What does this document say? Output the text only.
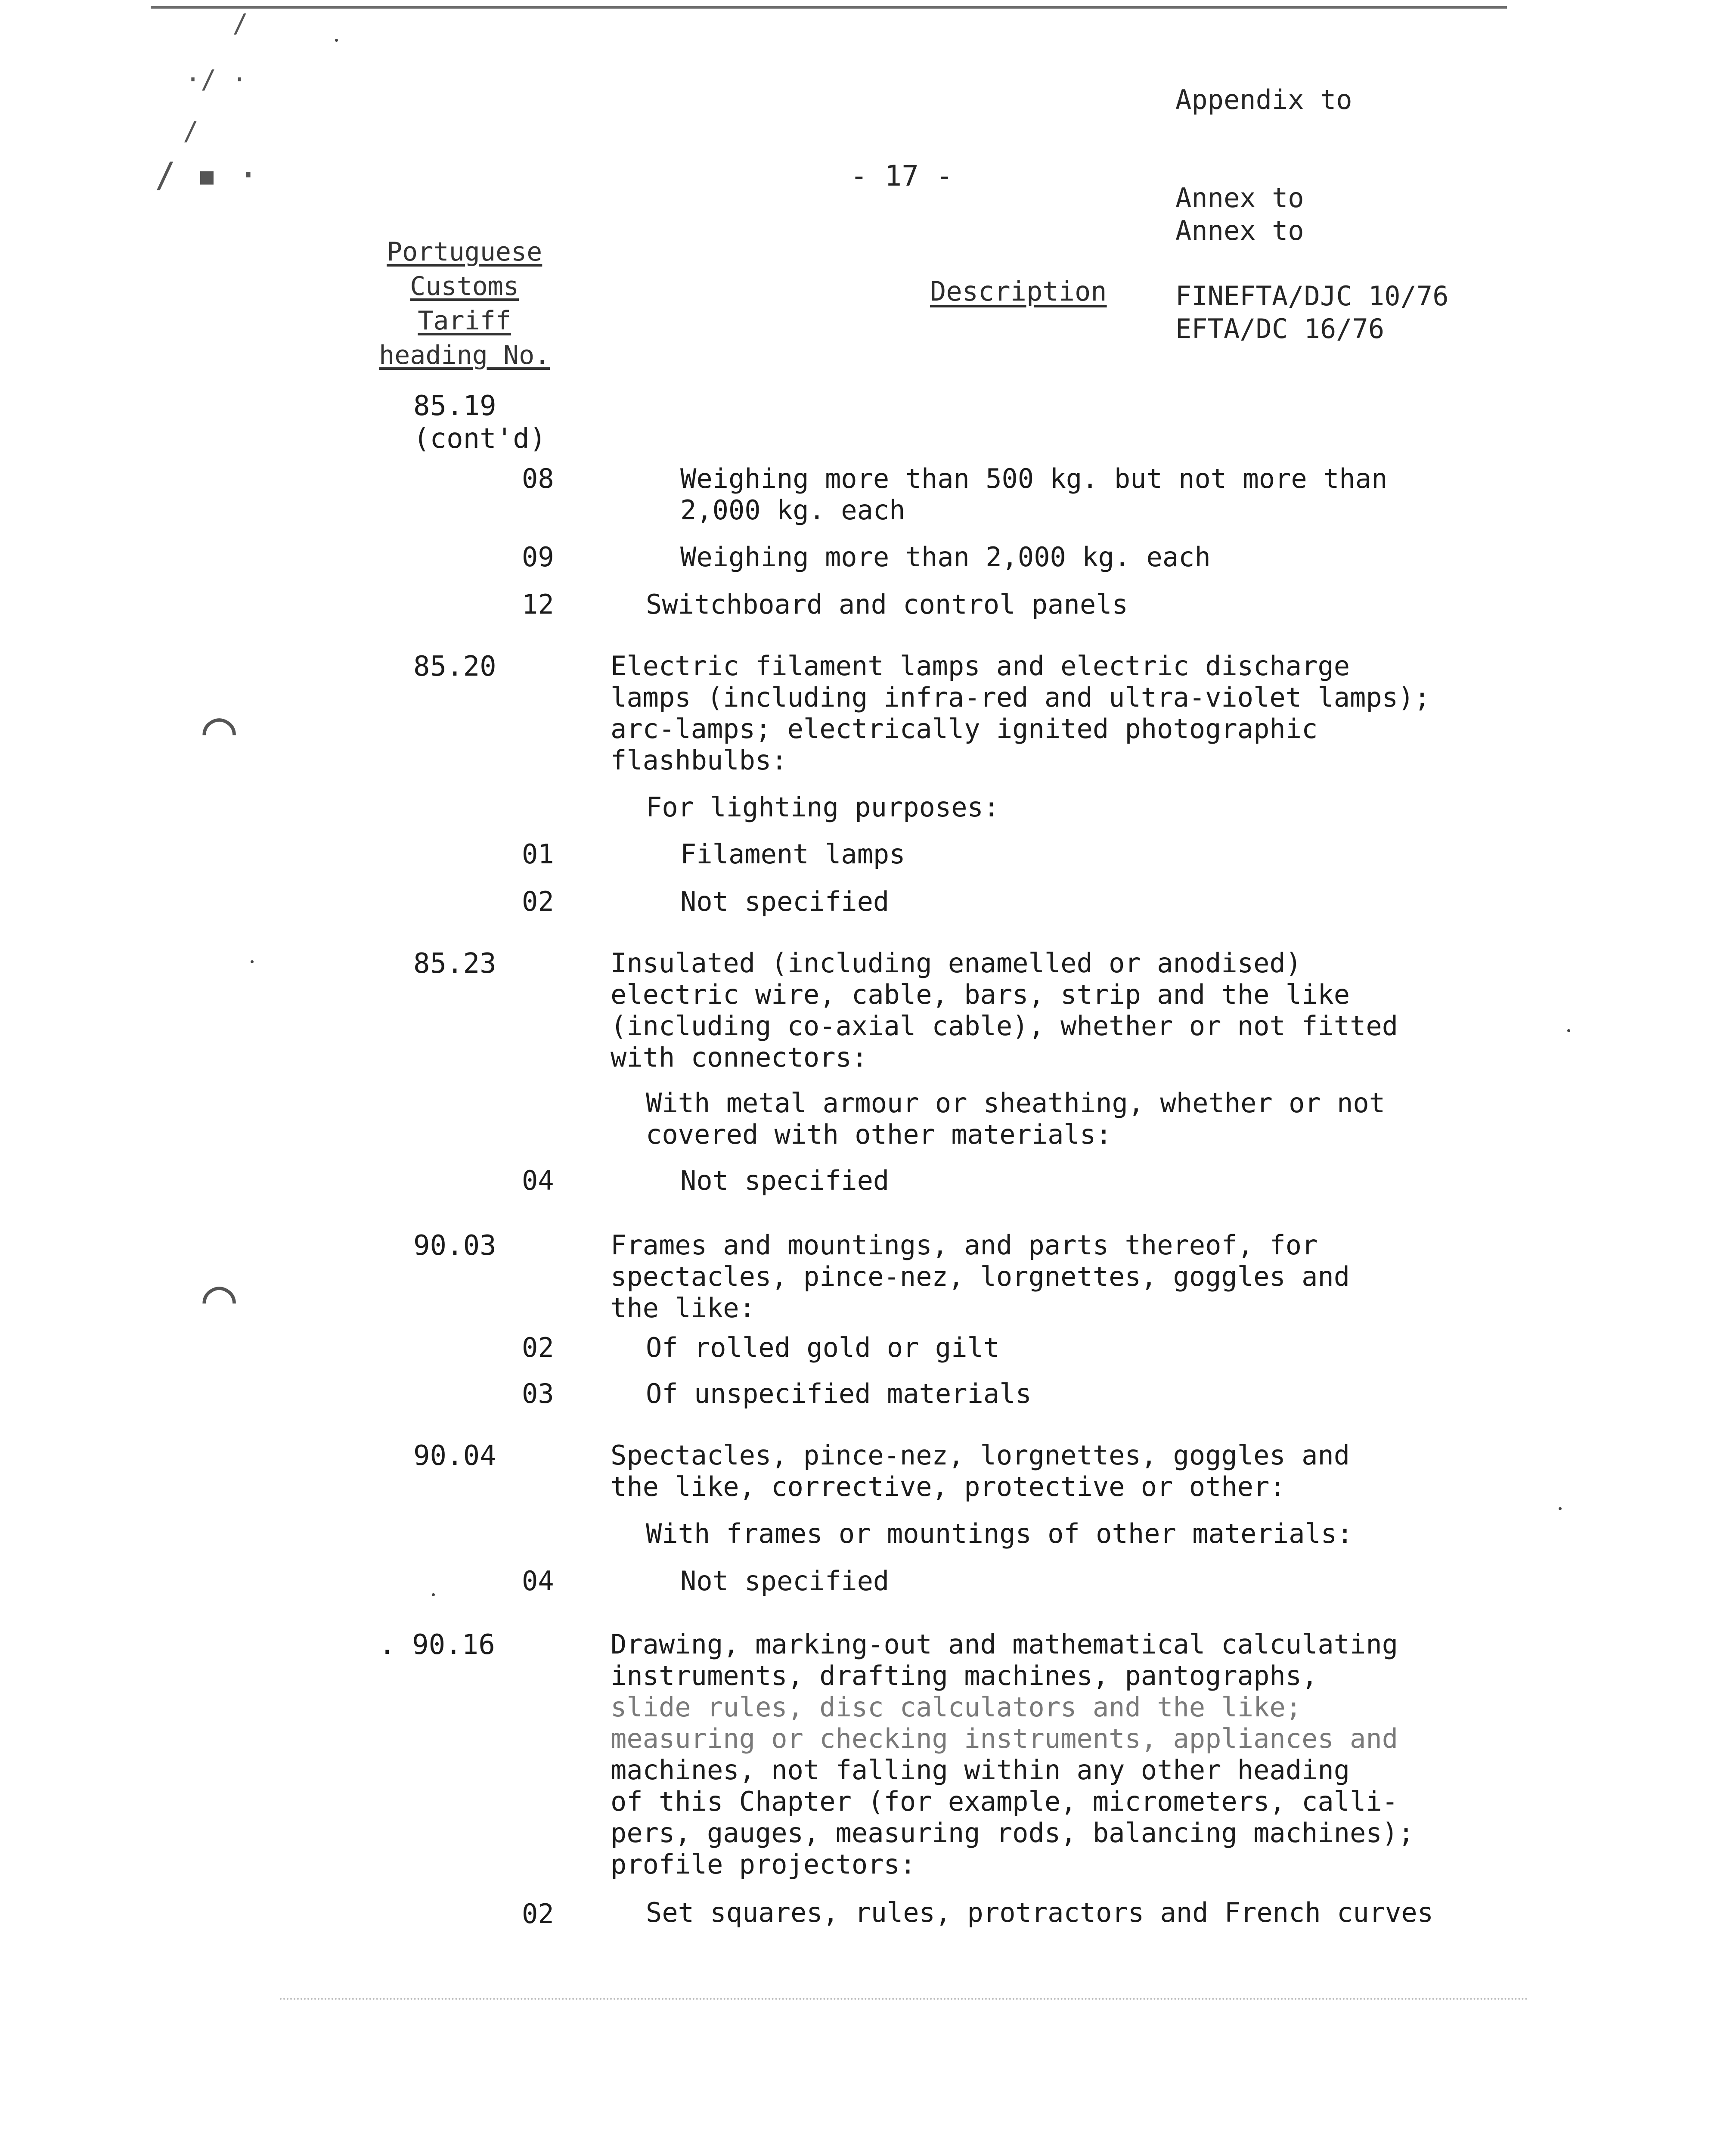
/
·/ ·
/
/ ▪ ·
◠
◠

Appendix to

Annex to

FINEFTA/DJC 10/76

Annex to

EFTA/DC 16/76

- 17 -
Portuguese
Customs
Tariff
heading No.
Description
85.19
(cont'd)
08	Weighing more than 500 kg. but not more than
2,000 kg. each
09	Weighing more than 2,000 kg. each
12	Switchboard and control panels
85.20	Electric filament lamps and electric discharge
lamps (including infra-red and ultra-violet lamps);
arc-lamps; electrically ignited photographic
flashbulbs:
For lighting purposes:
01	Filament lamps
02	Not specified
85.23	Insulated (including enamelled or anodised)
electric wire, cable, bars, strip and the like
(including co-axial cable), whether or not fitted
with connectors:
With metal armour or sheathing, whether or not
covered with other materials:
04	Not specified
90.03	Frames and mountings, and parts thereof, for
spectacles, pince-nez, lorgnettes, goggles and
the like:
02	Of rolled gold or gilt
03	Of unspecified materials
90.04	Spectacles, pince-nez, lorgnettes, goggles and
the like, corrective, protective or other:
With frames or mountings of other materials:
04	Not specified
. 90.16	Drawing, marking-out and mathematical calculating
instruments, drafting machines, pantographs,
slide rules, disc calculators and the like;
measuring or checking instruments, appliances and
machines, not falling within any other heading
of this Chapter (for example, micrometers, calli-
pers, gauges, measuring rods, balancing machines);
profile projectors:
02	Set squares, rules, protractors and French curves
